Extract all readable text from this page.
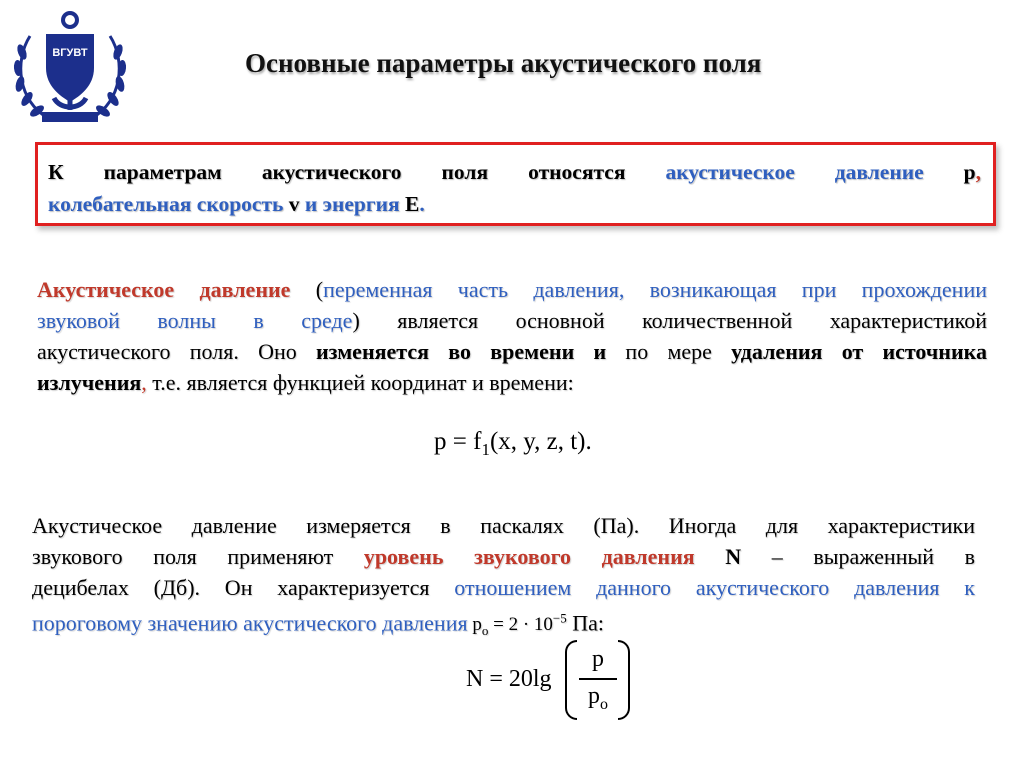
ВГУВТ	Основные параметры акустического поля

К параметрам акустического поля относятся акустическое давление p,

колебательная скорость v и энергия E.

Акустическое давление (переменная часть давления, возникающая при прохождении
звуковой волны в среде) является основной количественной характеристикой
акустического поля. Оно изменяется во времени и по мере удаления от источника
излучения, т.е. является функцией координат и времени:
$p = f_1(x$, y, z, t).
Акустическое давление измеряется в паскалях (Па). Иногда для характеристики
звукового поля применяют уровень звукового давления N – выраженный в
децибелах (Дб). Он характеризуется отношением данного акустического давления к
пороговому значению акустического давления $p_o = 2 \cdot 10^{-5}$ Па:
N = 20lg
p
$p_o$
